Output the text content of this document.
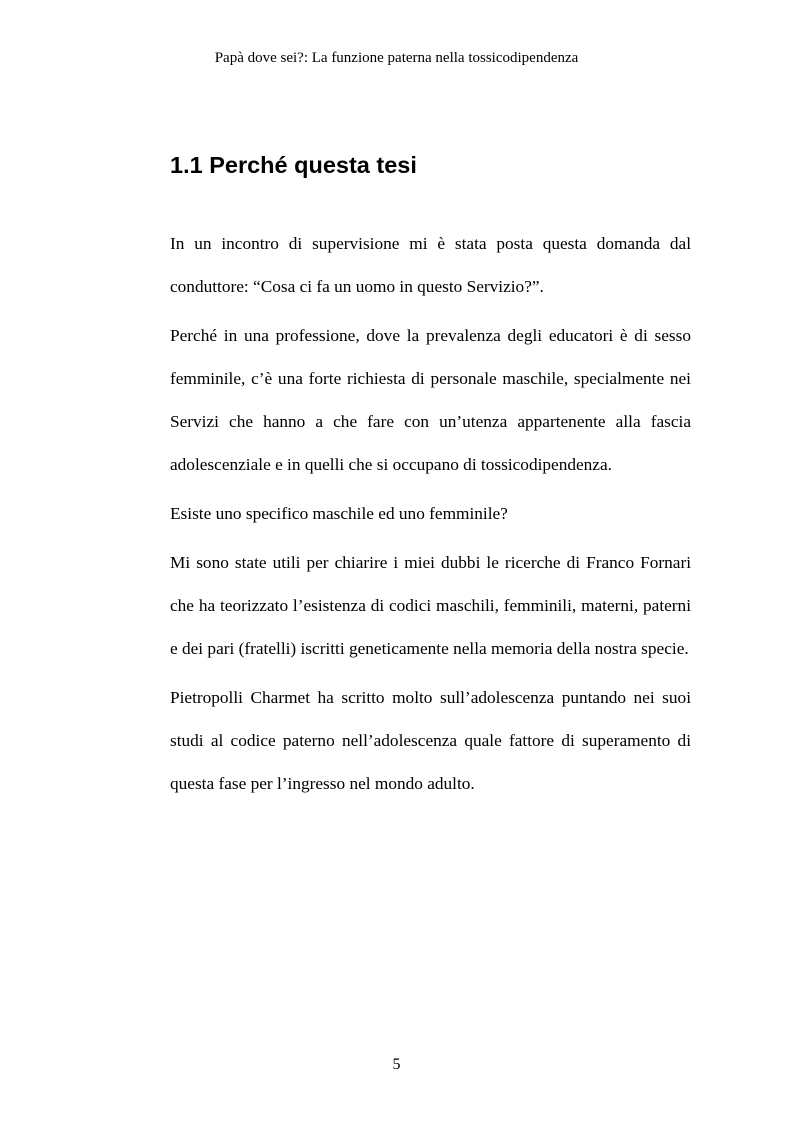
Papà dove sei?: La funzione paterna nella tossicodipendenza
1.1 Perché questa tesi

In un incontro di supervisione mi è stata posta questa domanda dal conduttore: “Cosa ci fa un uomo in questo Servizio?”.

Perché in una professione, dove la prevalenza degli educatori è di sesso femminile, c’è una forte richiesta di personale maschile, specialmente nei Servizi che hanno a che fare con un’utenza appartenente alla fascia adolescenziale e in quelli che si occupano di tossicodipendenza.

Esiste uno specifico maschile ed uno femminile?

Mi sono state utili per chiarire i miei dubbi le ricerche di Franco Fornari che ha teorizzato l’esistenza di codici maschili, femminili, materni, paterni e dei pari (fratelli) iscritti geneticamente nella memoria della nostra specie.

Pietropolli Charmet ha scritto molto sull’adolescenza puntando nei suoi studi al codice paterno nell’adolescenza quale fattore di superamento di questa fase per l’ingresso nel mondo adulto.

5
